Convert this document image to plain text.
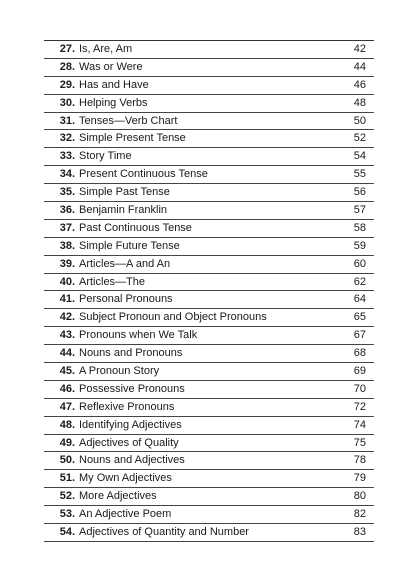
27. Is, Are, Am	42
28. Was or Were	44
29. Has and Have	46
30. Helping Verbs	48
31. Tenses—Verb Chart	50
32. Simple Present Tense	52
33. Story Time	54
34. Present Continuous Tense	55
35. Simple Past Tense	56
36. Benjamin Franklin	57
37. Past Continuous Tense	58
38. Simple Future Tense	59
39. Articles—A and An	60
40. Articles—The	62
41. Personal Pronouns	64
42. Subject Pronoun and Object Pronouns	65
43. Pronouns when We Talk	67
44. Nouns and Pronouns	68
45. A Pronoun Story	69
46. Possessive Pronouns	70
47. Reflexive Pronouns	72
48. Identifying Adjectives	74
49. Adjectives of Quality	75
50. Nouns and Adjectives	78
51. My Own Adjectives	79
52. More Adjectives	80
53. An Adjective Poem	82
54. Adjectives of Quantity and Number	83
